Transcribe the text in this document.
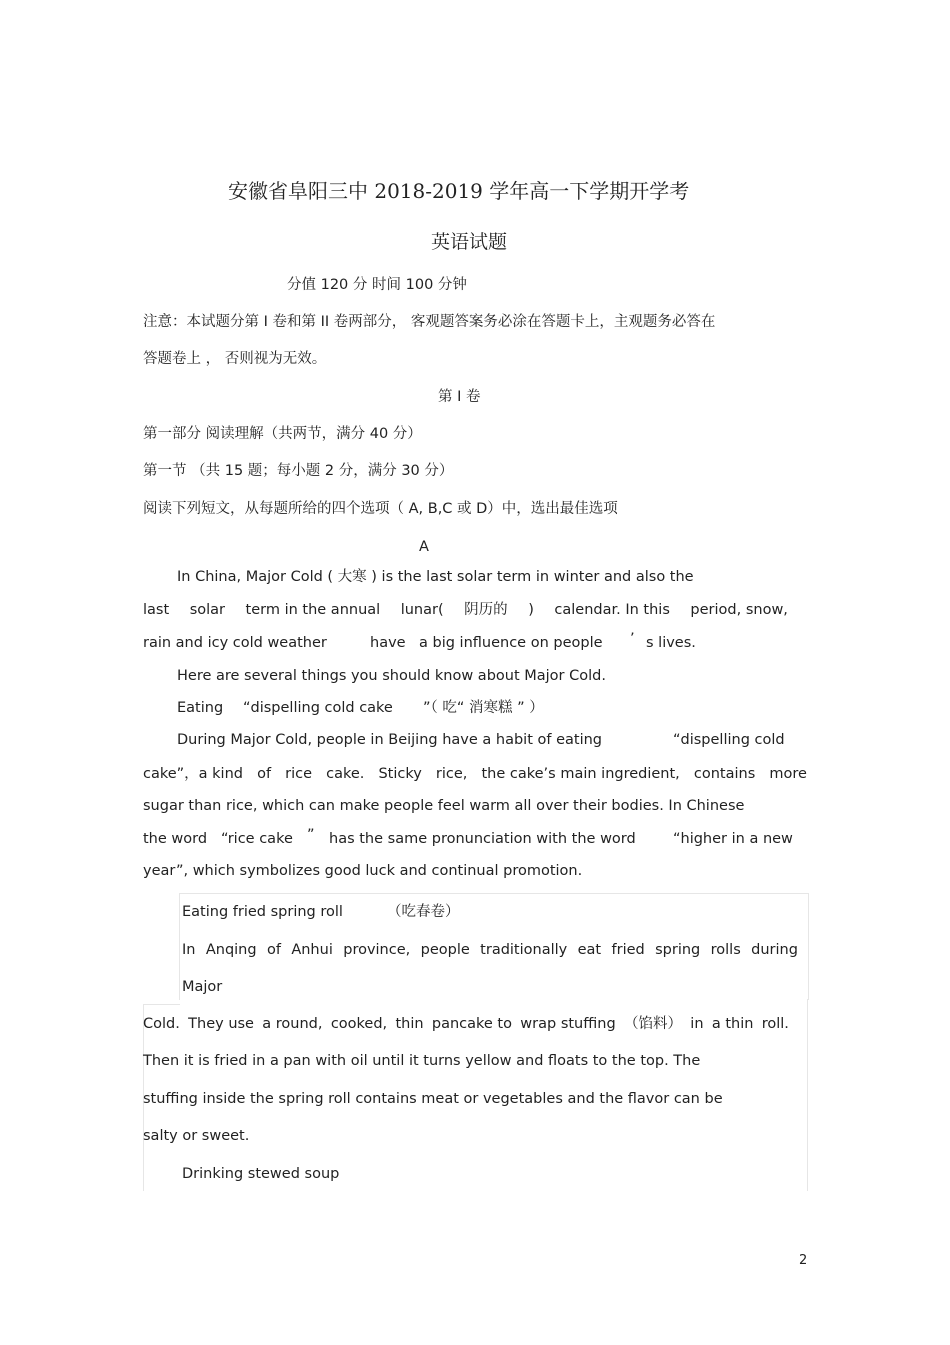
安徽省阜阳三中 2018-2019 学年高一下学期开学考
英语试题
分值 120 分 时间 100 分钟
注意：本试题分第 I 卷和第 II 卷两部分， 客观题答案务必涂在答题卡上，主观题务必答在
答题卷上 ， 否则视为无效。
第 I 卷
第一部分 阅读理解（共两节，满分 40 分）
第一节 （共 15 题；每小题 2 分，满分 30 分）
阅读下列短文，从每题所给的四个选项（ A, B,C 或 D）中，选出最佳选项
A
In China, Major Cold ( 大寒 ) is the last solar term in winter and also the
last solar term in the annual lunar( 阴历的 ) calendar. In this period, snow,
rain and icy cold weather	have a big influence on people ’ s lives.
Here are several things you should know about Major Cold.
Eating “dispelling cold cake ”（ 吃“ 消寒糕 ” ）
During Major Cold, people in Beijing have a habit of eating	“dispelling cold
cake”，a kind of rice cake. Sticky rice, the cake’s main ingredient, contains more
sugar than rice, which can make people feel warm all over their bodies. In Chinese
the word “rice cake ” has the same pronunciation with the word	“higher in a new
year”, which symbolizes good luck and continual promotion.
Eating fried spring roll	（吃春卷）
In Anqing of Anhui province, people traditionally eat fried spring rolls during
Major
Cold. They use a round, cooked, thin pancake to wrap stuffing （馅料） in a thin roll.
Then it is fried in a pan with oil until it turns yellow and floats to the top. The
stuffing inside the spring roll contains meat or vegetables and the flavor can be
salty or sweet.
Drinking stewed soup
2
